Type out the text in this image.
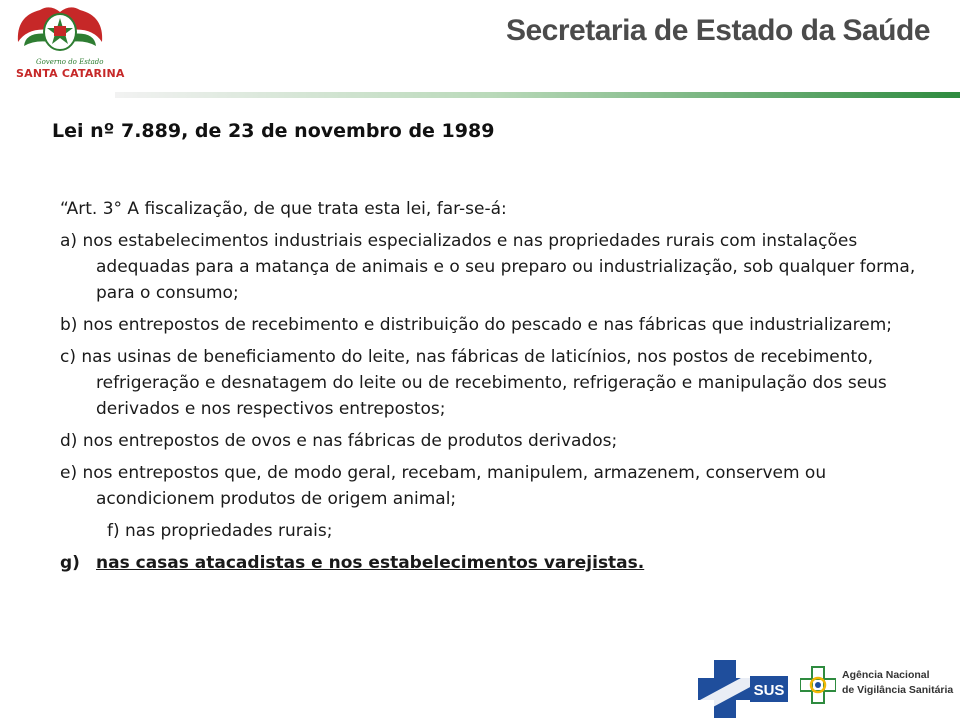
Governo do Estado
SANTA CATARINA
Secretaria de Estado da Saúde
Lei nº 7.889, de 23 de novembro de 1989

“Art. 3° A fiscalização, de que trata esta lei, far-se-á:

a) nos estabelecimentos industriais especializados e nas propriedades rurais com instalações adequadas para a matança de animais e o seu preparo ou industrialização, sob qualquer forma, para o consumo;

b) nos entrepostos de recebimento e distribuição do pescado e nas fábricas que industrializarem;

c) nas usinas de beneficiamento do leite, nas fábricas de laticínios, nos postos de recebimento, refrigeração e desnatagem do leite ou de recebimento, refrigeração e manipulação dos seus derivados e nos respectivos entrepostos;

d) nos entrepostos de ovos e nas fábricas de produtos derivados;

e) nos entrepostos que, de modo geral, recebam, manipulem, armazenem, conservem ou acondicionem produtos de origem animal;

f) nas propriedades rurais;

g) nas casas atacadistas e nos estabelecimentos varejistas.

SUS
Agência Nacional
de Vigilância Sanitária
